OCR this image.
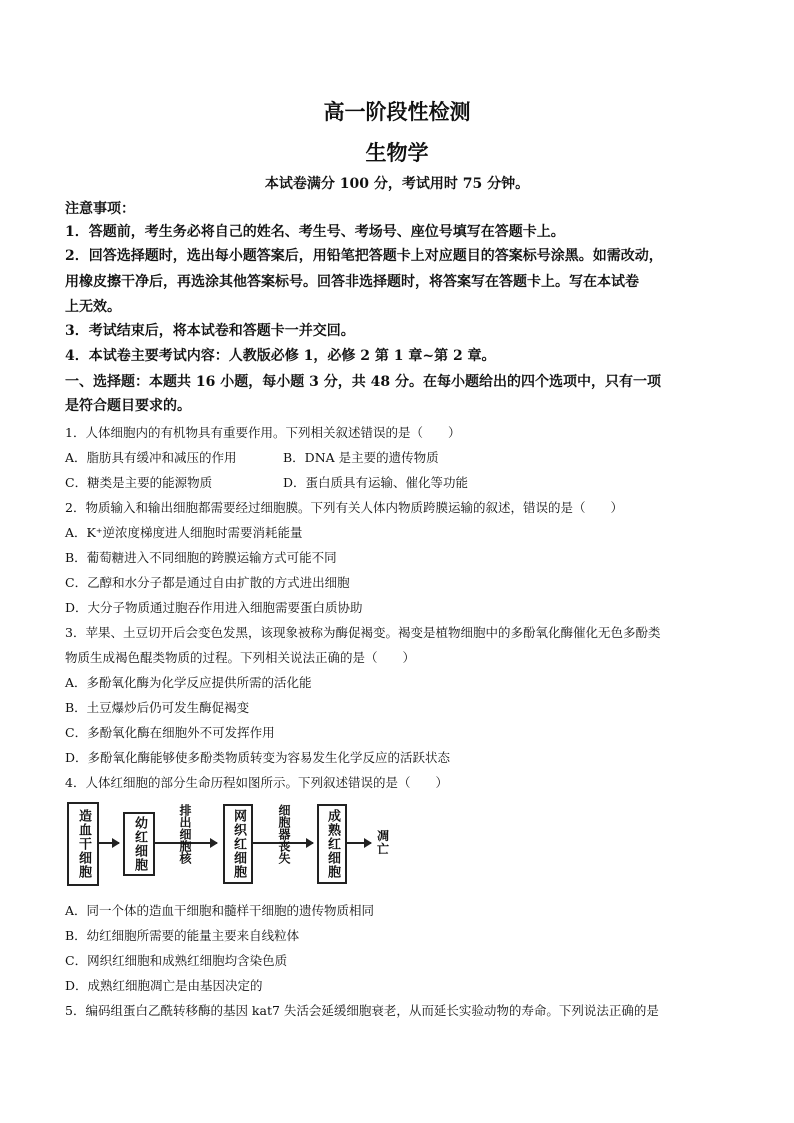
高一阶段性检测
生物学
本试卷满分 100 分，考试用时 75 分钟。
注意事项：
1．答题前，考生务必将自己的姓名、考生号、考场号、座位号填写在答题卡上。
2．回答选择题时，选出每小题答案后，用铅笔把答题卡上对应题目的答案标号涂黑。如需改动，
用橡皮擦干净后，再选涂其他答案标号。回答非选择题时，将答案写在答题卡上。写在本试卷
上无效。
3．考试结束后，将本试卷和答题卡一并交回。
4．本试卷主要考试内容：人教版必修 1，必修 2 第 1 章~第 2 章。
一、选择题：本题共 16 小题，每小题 3 分，共 48 分。在每小题给出的四个选项中，只有一项
是符合题目要求的。
1．人体细胞内的有机物具有重要作用。下列相关叙述错误的是（　　）
A．脂肪具有缓冲和减压的作用	B．DNA 是主要的遗传物质
C．糖类是主要的能源物质	D．蛋白质具有运输、催化等功能
2．物质输入和输出细胞都需要经过细胞膜。下列有关人体内物质跨膜运输的叙述，错误的是（　　）
A．K⁺逆浓度梯度进人细胞时需要消耗能量
B．葡萄糖进入不同细胞的跨膜运输方式可能不同
C．乙醇和水分子都是通过自由扩散的方式进出细胞
D．大分子物质通过胞吞作用进入细胞需要蛋白质协助
3．苹果、土豆切开后会变色发黑，该现象被称为酶促褐变。褐变是植物细胞中的多酚氧化酶催化无色多酚类
物质生成褐色醌类物质的过程。下列相关说法正确的是（　　）
A．多酚氧化酶为化学反应提供所需的活化能
B．土豆爆炒后仍可发生酶促褐变
C．多酚氧化酶在细胞外不可发挥作用
D．多酚氧化酶能够使多酚类物质转变为容易发生化学反应的活跃状态
4．人体红细胞的部分生命历程如图所示。下列叙述错误的是（　　）
造血干细胞	幼红细胞	排出细胞核	网织红细胞	细胞器丧失	成熟红细胞	凋亡
A．同一个体的造血干细胞和髓样干细胞的遗传物质相同
B．幼红细胞所需要的能量主要来自线粒体
C．网织红细胞和成熟红细胞均含染色质
D．成熟红细胞凋亡是由基因决定的
5．编码组蛋白乙酰转移酶的基因 kat7 失活会延缓细胞衰老，从而延长实验动物的寿命。下列说法正确的是
